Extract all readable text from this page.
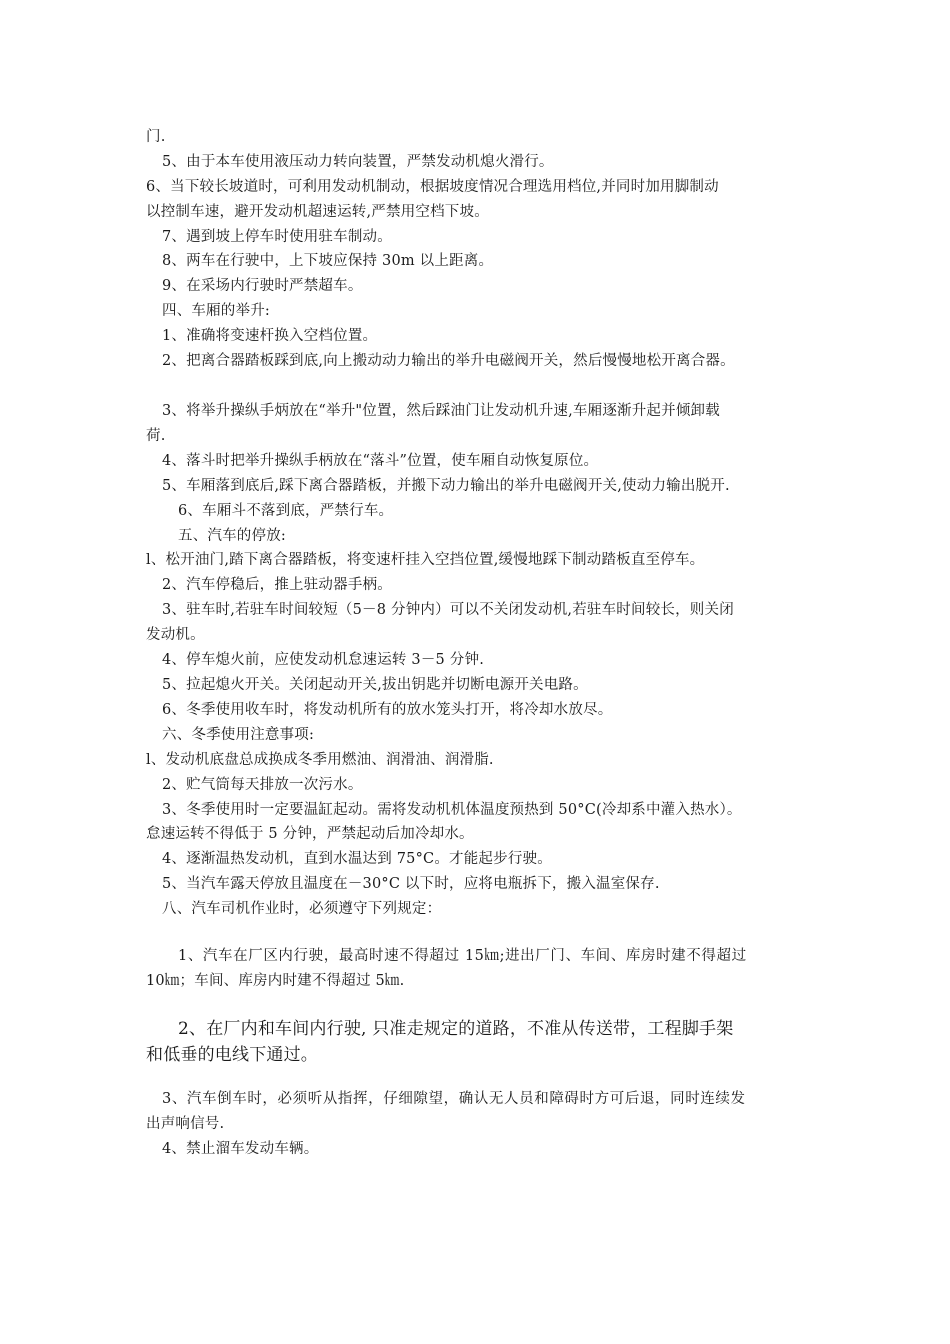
门.
5、由于本车使用液压动力转向装置，严禁发动机熄火滑行。
6、当下较长坡道时，可利用发动机制动，根据坡度情况合理选用档位,并同时加用脚制动
以控制车速，避开发动机超速运转,严禁用空档下坡。
7、遇到坡上停车时使用驻车制动。
8、两车在行驶中，上下坡应保持 30m 以上距离。
9、在采场内行驶时严禁超车。
四、车厢的举升:
1、准确将变速杆换入空档位置。
2、把离合器踏板踩到底,向上搬动动力输出的举升电磁阀开关，然后慢慢地松开离合器。
3、将举升操纵手炳放在“举升"位置，然后踩油门让发动机升速,车厢逐渐升起并倾卸载
荷.
4、落斗时把举升操纵手柄放在“落斗”位置，使车厢自动恢复原位。
5、车厢落到底后,踩下离合器踏板，并搬下动力输出的举升电磁阀开关,使动力输出脱开.
6、车厢斗不落到底，严禁行车。
五、汽车的停放:
l、松开油门,踏下离合器踏板，将变速杆挂入空挡位置,缓慢地踩下制动踏板直至停车。
2、汽车停稳后，推上驻动器手柄。
3、驻车时,若驻车时间较短（5－8 分钟内）可以不关闭发动机,若驻车时间较长，则关闭
发动机。
4、停车熄火前，应使发动机怠速运转 3－5 分钟.
5、拉起熄火开关。关闭起动开关,拔出钥匙并切断电源开关电路。
6、冬季使用收车时，将发动机所有的放水笼头打开，将冷却水放尽。
六、冬季使用注意事项:
l、发动机底盘总成换成冬季用燃油、润滑油、润滑脂.
2、贮气筒每天排放一次污水。
3、冬季使用时一定要温缸起动。需将发动机机体温度预热到 50°C(冷却系中灌入热水）。
怠速运转不得低于 5 分钟，严禁起动后加冷却水。
4、逐渐温热发动机，直到水温达到 75°C。才能起步行驶。
5、当汽车露天停放且温度在－30°C 以下时，应将电瓶拆下，搬入温室保存.
八、汽车司机作业时，必须遵守下列规定：
1、汽车在厂区内行驶，最高时速不得超过 15㎞;进出厂门、车间、库房时建不得超过
10㎞；车间、库房内时建不得超过 5㎞.
2、在厂内和车间内行驶, 只准走规定的道路，不准从传送带，工程脚手架
和低垂的电线下通过。
3、汽车倒车时，必须听从指挥，仔细隙望，确认无人员和障碍时方可后退，同时连续发
出声响信号.
4、禁止溜车发动车辆。
